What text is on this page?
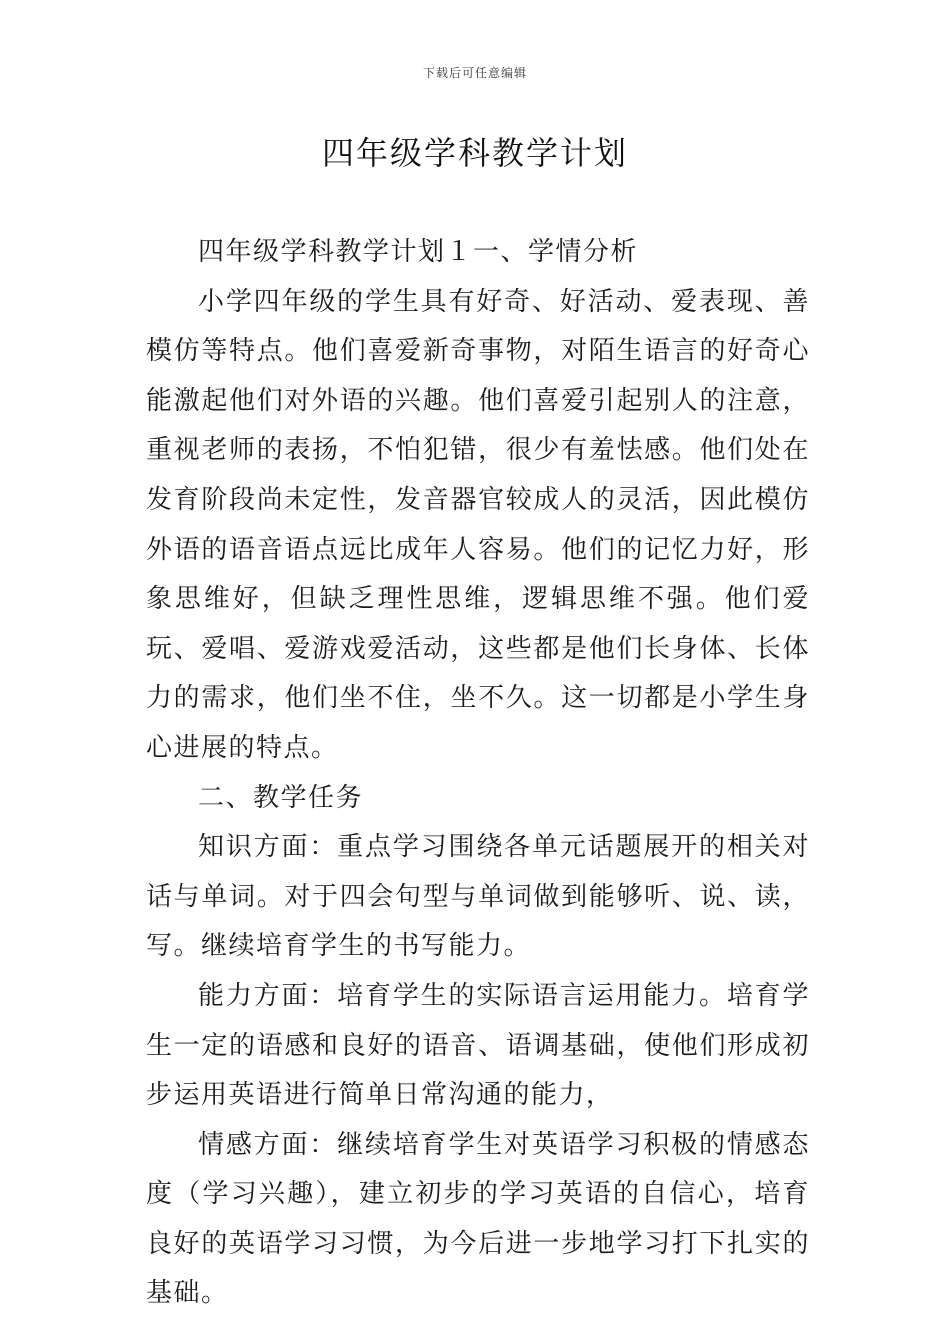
下载后可任意编辑
四年级学科教学计划

四年级学科教学计划１一、学情分析

小学四年级的学生具有好奇、好活动、爱表现、善模仿等特点。他们喜爱新奇事物，对陌生语言的好奇心能激起他们对外语的兴趣。他们喜爱引起别人的注意，重视老师的表扬，不怕犯错，很少有羞怯感。他们处在发育阶段尚未定性，发音器官较成人的灵活，因此模仿外语的语音语点远比成年人容易。他们的记忆力好，形象思维好，但缺乏理性思维，逻辑思维不强。他们爱玩、爱唱、爱游戏爱活动，这些都是他们长身体、长体力的需求，他们坐不住，坐不久。这一切都是小学生身心进展的特点。

二、教学任务

知识方面：重点学习围绕各单元话题展开的相关对话与单词。对于四会句型与单词做到能够听、说、读，写。继续培育学生的书写能力。

能力方面：培育学生的实际语言运用能力。培育学生一定的语感和良好的语音、语调基础，使他们形成初步运用英语进行简单日常沟通的能力，

情感方面：继续培育学生对英语学习积极的情感态度（学习兴趣），建立初步的学习英语的自信心，培育良好的英语学习习惯，为今后进一步地学习打下扎实的基础。
